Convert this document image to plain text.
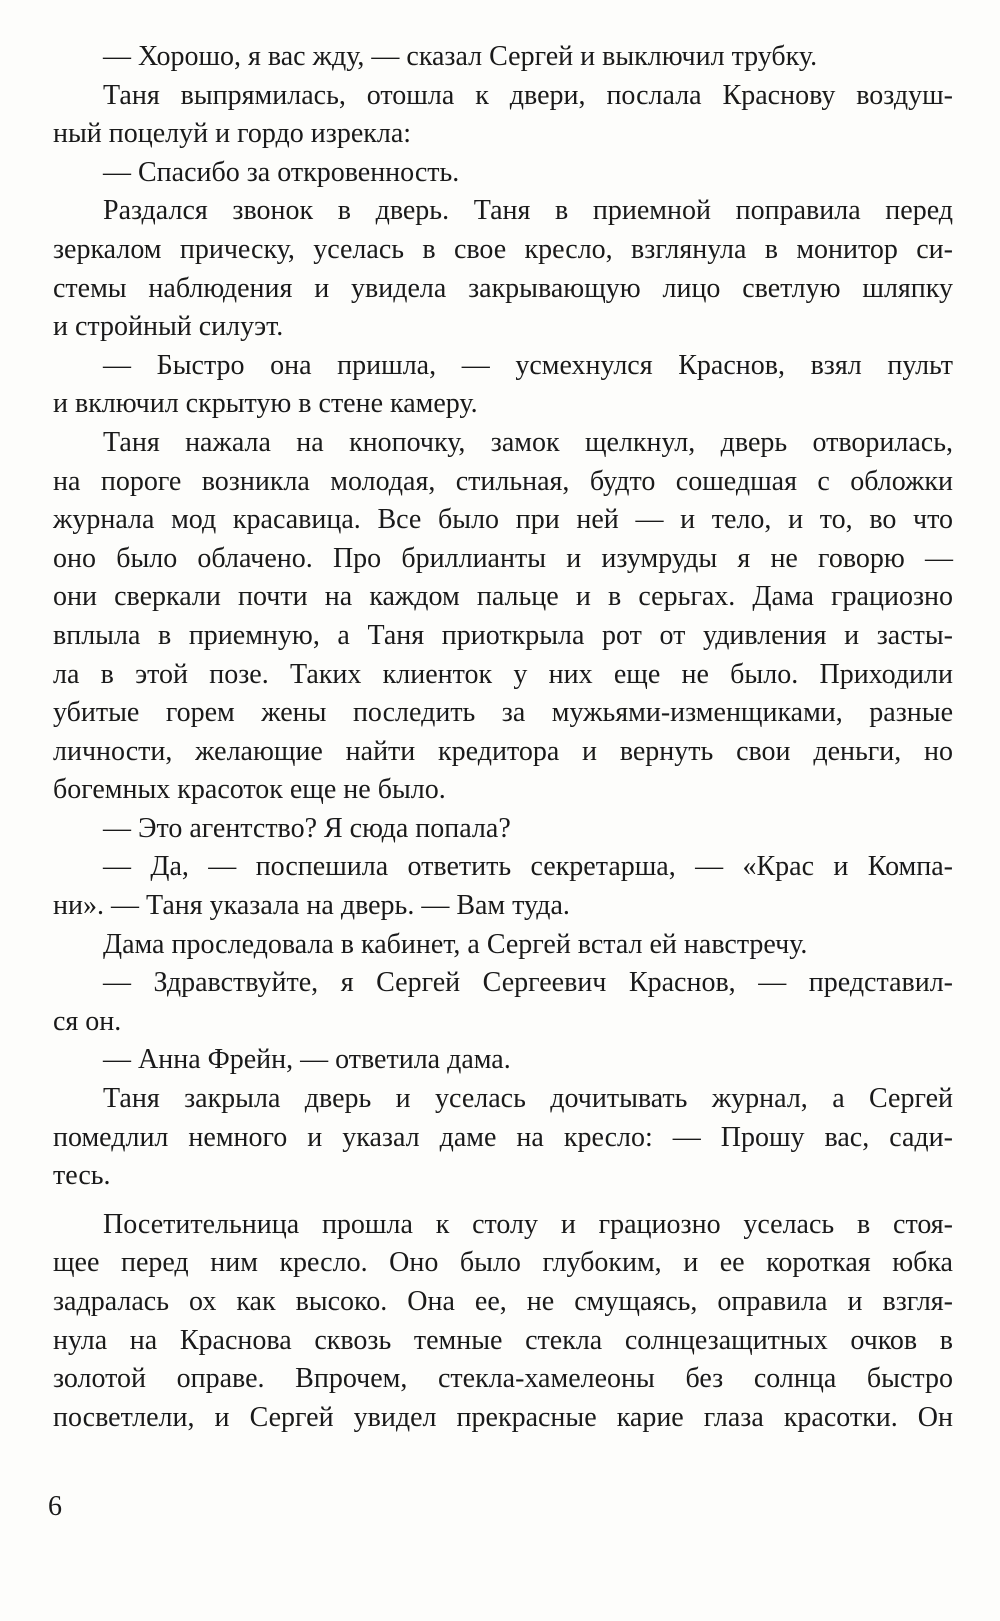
— Хорошо, я вас жду, — сказал Сергей и выключил трубку.
Таня выпрямилась, отошла к двери, послала Краснову воздуш-
ный поцелуй и гордо изрекла:
— Спасибо за откровенность.
Раздался звонок в дверь. Таня в приемной поправила перед
зеркалом прическу, уселась в свое кресло, взглянула в монитор си-
стемы наблюдения и увидела закрывающую лицо светлую шляпку
и стройный силуэт.
— Быстро она пришла, — усмехнулся Краснов, взял пульт
и включил скрытую в стене камеру.
Таня нажала на кнопочку, замок щелкнул, дверь отворилась,
на пороге возникла молодая, стильная, будто сошедшая с обложки
журнала мод красавица. Все было при ней — и тело, и то, во что
оно было облачено. Про бриллианты и изумруды я не говорю —
они сверкали почти на каждом пальце и в серьгах. Дама грациозно
вплыла в приемную, а Таня приоткрыла рот от удивления и засты-
ла в этой позе. Таких клиенток у них еще не было. Приходили
убитые горем жены последить за мужьями-изменщиками, разные
личности, желающие найти кредитора и вернуть свои деньги, но
богемных красоток еще не было.
— Это агентство? Я сюда попала?
— Да, — поспешила ответить секретарша, — «Крас и Компа-
ни». — Таня указала на дверь. — Вам туда.
Дама проследовала в кабинет, а Сергей встал ей навстречу.
— Здравствуйте, я Сергей Сергеевич Краснов, — представил-
ся он.
— Анна Фрейн, — ответила дама.
Таня закрыла дверь и уселась дочитывать журнал, а Сергей
помедлил немного и указал даме на кресло: — Прошу вас, сади-
тесь.
Посетительница прошла к столу и грациозно уселась в стоя-
щее перед ним кресло. Оно было глубоким, и ее короткая юбка
задралась ох как высоко. Она ее, не смущаясь, оправила и взгля-
нула на Краснова сквозь темные стекла солнцезащитных очков в
золотой оправе. Впрочем, стекла-хамелеоны без солнца быстро
посветлели, и Сергей увидел прекрасные карие глаза красотки. Он
6
